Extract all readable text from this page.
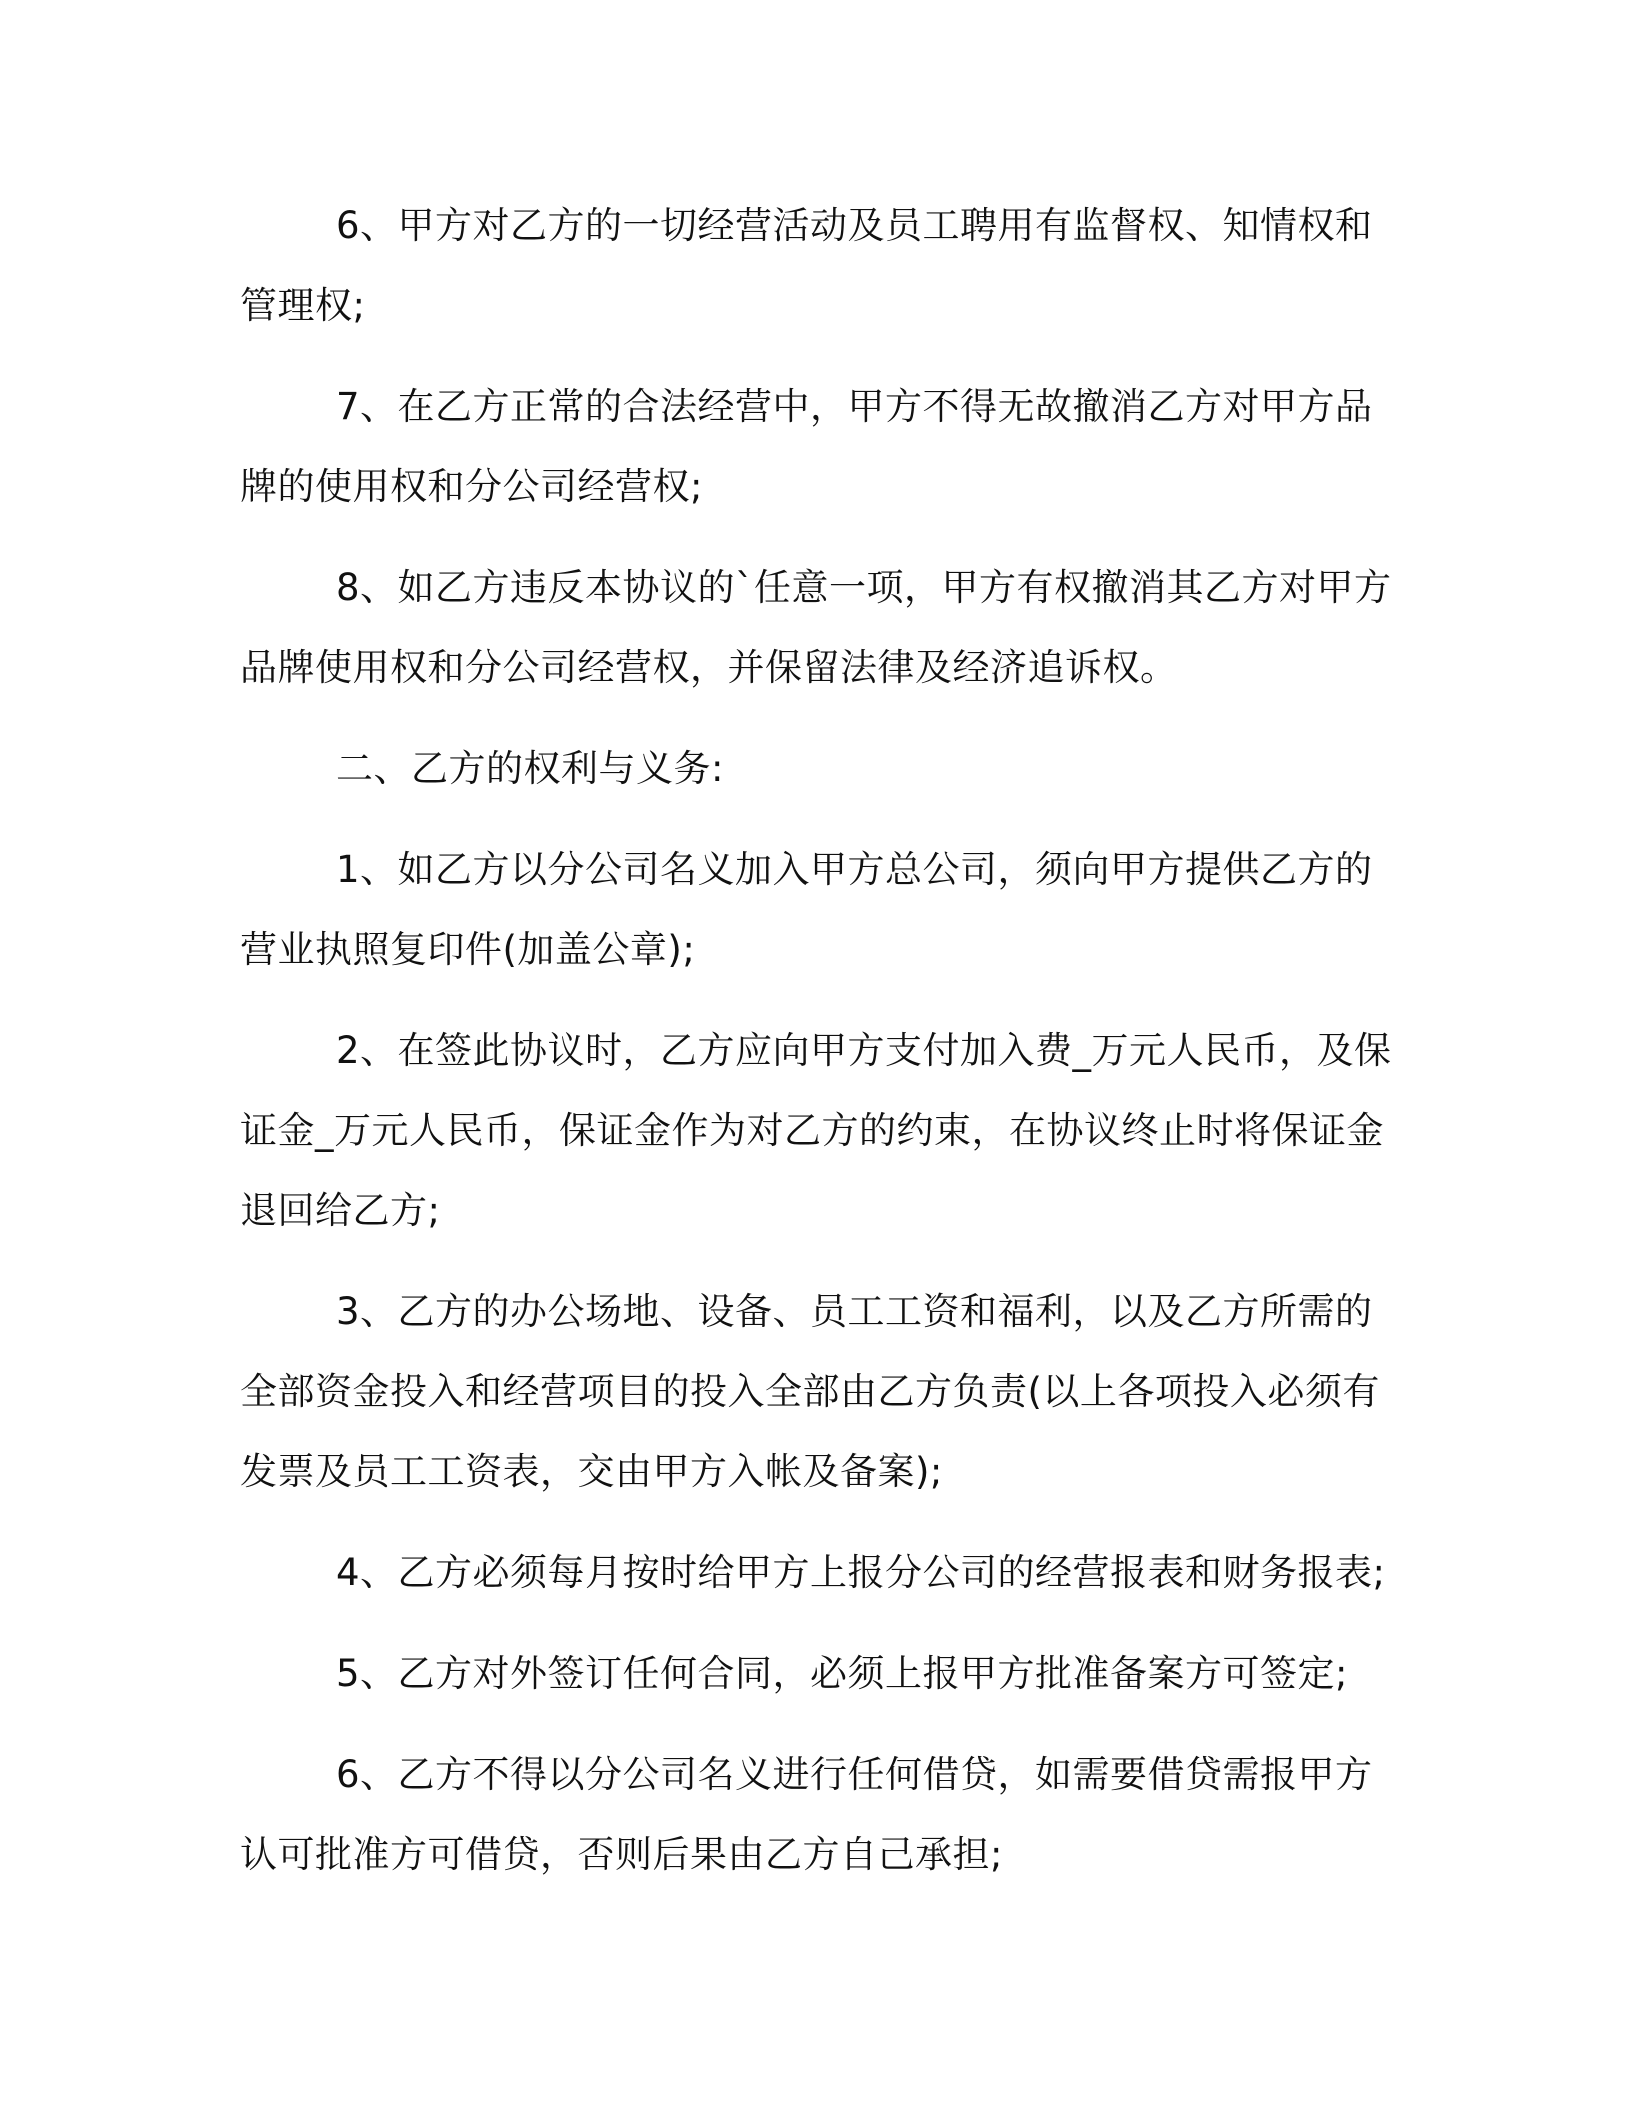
6、甲方对乙方的一切经营活动及员工聘用有监督权、知情权和
管理权;
7、在乙方正常的合法经营中，甲方不得无故撤消乙方对甲方品
牌的使用权和分公司经营权;
8、如乙方违反本协议的`任意一项，甲方有权撤消其乙方对甲方
品牌使用权和分公司经营权，并保留法律及经济追诉权。
二、乙方的权利与义务:
1、如乙方以分公司名义加入甲方总公司，须向甲方提供乙方的
营业执照复印件(加盖公章);
2、在签此协议时，乙方应向甲方支付加入费_万元人民币，及保
证金_万元人民币，保证金作为对乙方的约束，在协议终止时将保证金
退回给乙方;
3、乙方的办公场地、设备、员工工资和福利，以及乙方所需的
全部资金投入和经营项目的投入全部由乙方负责(以上各项投入必须有
发票及员工工资表，交由甲方入帐及备案);
4、乙方必须每月按时给甲方上报分公司的经营报表和财务报表;
5、乙方对外签订任何合同，必须上报甲方批准备案方可签定;
6、乙方不得以分公司名义进行任何借贷，如需要借贷需报甲方
认可批准方可借贷，否则后果由乙方自己承担;
